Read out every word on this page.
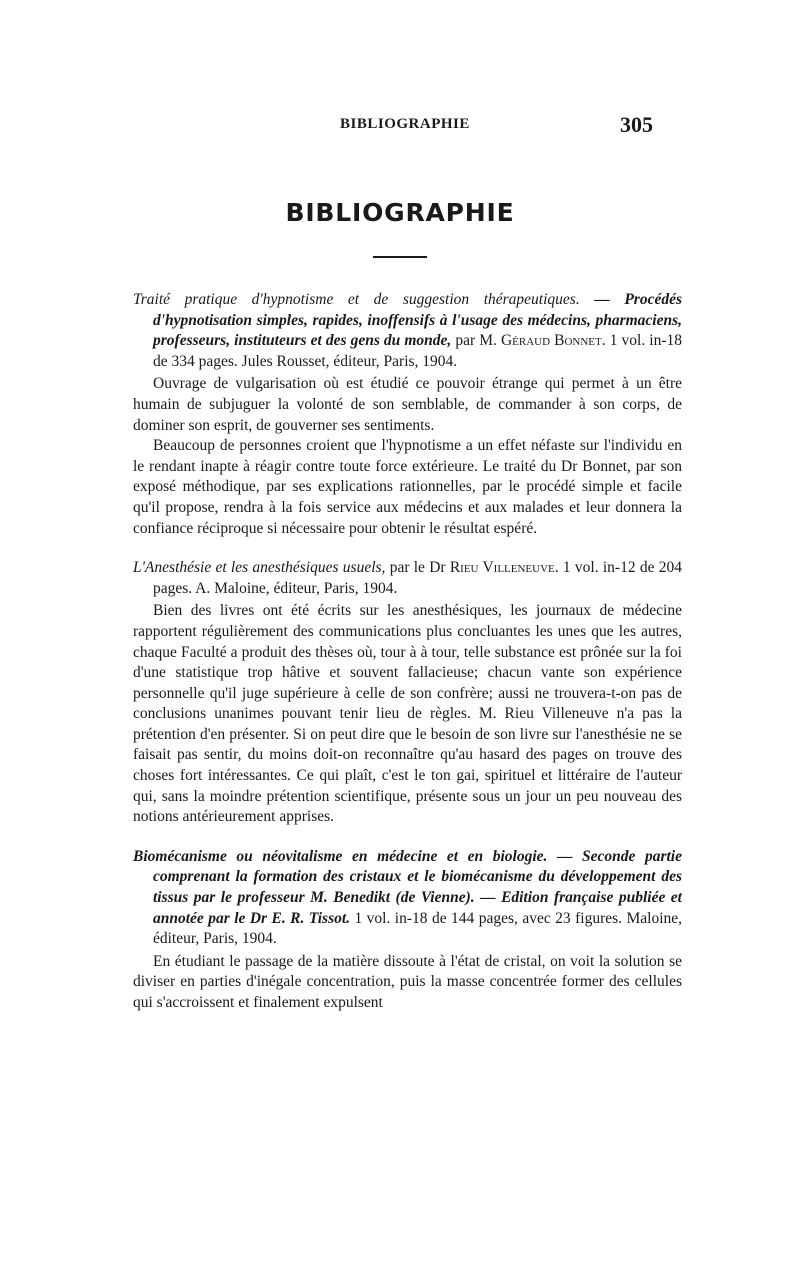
BIBLIOGRAPHIE	305
BIBLIOGRAPHIE

Traité pratique d'hypnotisme et de suggestion thérapeutiques. — Procédés d'hypnotisation simples, rapides, inoffensifs à l'usage des médecins, pharmaciens, professeurs, instituteurs et des gens du monde, par M. Géraud Bonnet. 1 vol. in-18 de 334 pages. Jules Rousset, éditeur, Paris, 1904.

Ouvrage de vulgarisation où est étudié ce pouvoir étrange qui permet à un être humain de subjuguer la volonté de son semblable, de commander à son corps, de dominer son esprit, de gouverner ses sentiments.

Beaucoup de personnes croient que l'hypnotisme a un effet néfaste sur l'individu en le rendant inapte à réagir contre toute force extérieure. Le traité du Dr Bonnet, par son exposé méthodique, par ses explications rationnelles, par le procédé simple et facile qu'il propose, rendra à la fois service aux médecins et aux malades et leur donnera la confiance réciproque si nécessaire pour obtenir le résultat espéré.

L'Anesthésie et les anesthésiques usuels, par le Dr Rieu Villeneuve. 1 vol. in-12 de 204 pages. A. Maloine, éditeur, Paris, 1904.

Bien des livres ont été écrits sur les anesthésiques, les journaux de médecine rapportent régulièrement des communications plus concluantes les unes que les autres, chaque Faculté a produit des thèses où, tour à à tour, telle substance est prônée sur la foi d'une statistique trop hâtive et souvent fallacieuse; chacun vante son expérience personnelle qu'il juge supérieure à celle de son confrère; aussi ne trouvera-t-on pas de conclusions unanimes pouvant tenir lieu de règles. M. Rieu Villeneuve n'a pas la prétention d'en présenter. Si on peut dire que le besoin de son livre sur l'anesthésie ne se faisait pas sentir, du moins doit-on reconnaître qu'au hasard des pages on trouve des choses fort intéressantes. Ce qui plaît, c'est le ton gai, spirituel et littéraire de l'auteur qui, sans la moindre prétention scientifique, présente sous un jour un peu nouveau des notions antérieurement apprises.

Biomécanisme ou néovitalisme en médecine et en biologie. — Seconde partie comprenant la formation des cristaux et le biomécanisme du développement des tissus par le professeur M. Benedikt (de Vienne). — Edition française publiée et annotée par le Dr E. R. Tissot. 1 vol. in-18 de 144 pages, avec 23 figures. Maloine, éditeur, Paris, 1904.

En étudiant le passage de la matière dissoute à l'état de cristal, on voit la solution se diviser en parties d'inégale concentration, puis la masse concentrée former des cellules qui s'accroissent et finalement expulsent
